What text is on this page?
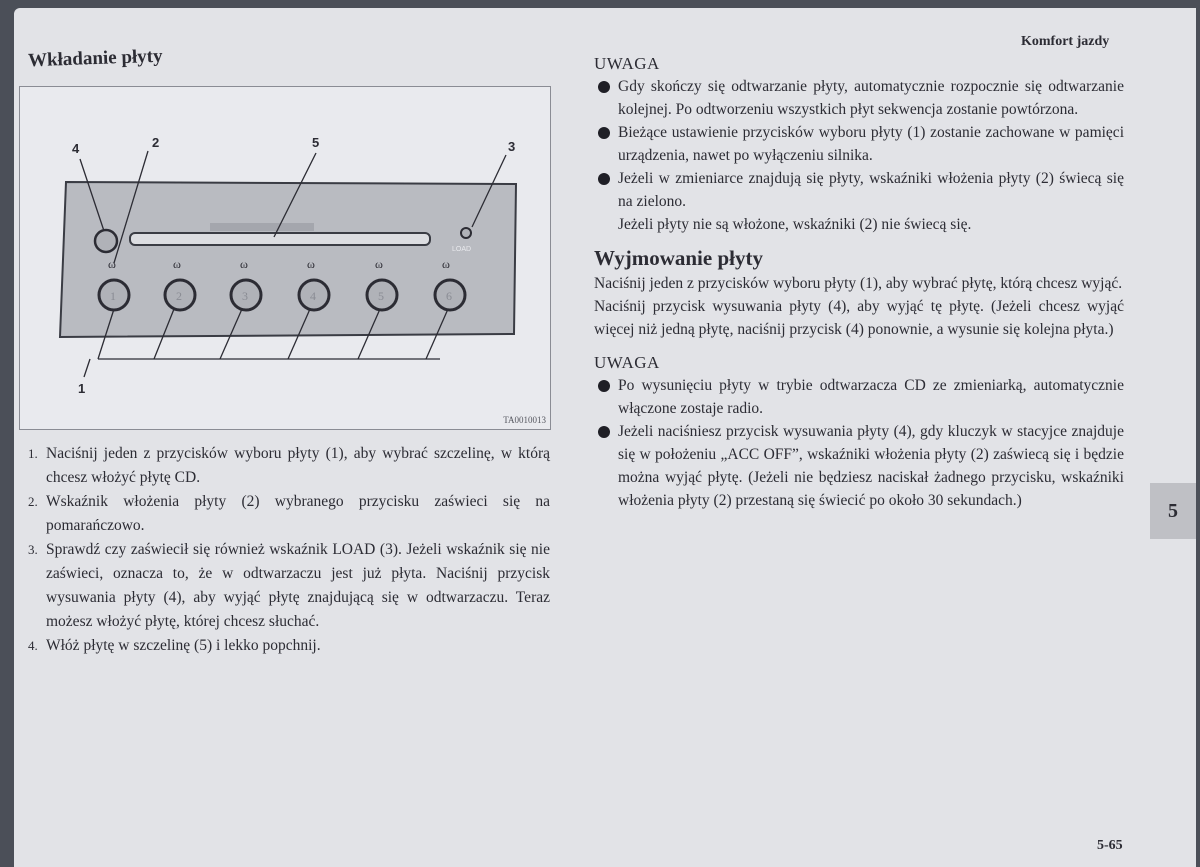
Komfort jazdy
5
5-65
Wkładanie płyty
LOAD
ω	ω	ω	ω	ω	ω
1	2	3	4	5	6
4	2	5	3
1
TA0010013
1. Naciśnij jeden z przycisków wyboru płyty (1), aby wybrać szczelinę, w którą chcesz włożyć płytę CD.
2. Wskaźnik włożenia płyty (2) wybranego przycisku zaświeci się na pomarańczowo.
3. Sprawdź czy zaświecił się również wskaźnik LOAD (3). Jeżeli wskaźnik się nie zaświeci, oznacza to, że w odtwarzaczu jest już płyta. Naciśnij przycisk wysuwania płyty (4), aby wyjąć płytę znajdującą się w odtwarzaczu. Teraz możesz włożyć płytę, której chcesz słuchać.
4. Włóż płytę w szczelinę (5) i lekko popchnij.
UWAGA
Gdy skończy się odtwarzanie płyty, automatycznie rozpocznie się odtwarzanie kolejnej. Po odtworzeniu wszystkich płyt sekwencja zostanie powtórzona.
Bieżące ustawienie przycisków wyboru płyty (1) zostanie zachowane w pamięci urządzenia, nawet po wyłączeniu silnika.
Jeżeli w zmieniarce znajdują się płyty, wskaźniki włożenia płyty (2) świecą się na zielono.
Jeżeli płyty nie są włożone, wskaźniki (2) nie świecą się.
Wyjmowanie płyty
Naciśnij jeden z przycisków wyboru płyty (1), aby wybrać płytę, którą chcesz wyjąć.
Naciśnij przycisk wysuwania płyty (4), aby wyjąć tę płytę. (Jeżeli chcesz wyjąć więcej niż jedną płytę, naciśnij przycisk (4) ponownie, a wysunie się kolejna płyta.)
UWAGA
Po wysunięciu płyty w trybie odtwarzacza CD ze zmieniarką, automatycznie włączone zostaje radio.
Jeżeli naciśniesz przycisk wysuwania płyty (4), gdy kluczyk w stacyjce znajduje się w położeniu „ACC OFF”, wskaźniki włożenia płyty (2) zaświecą się i będzie można wyjąć płytę. (Jeżeli nie będziesz naciskał żadnego przycisku, wskaźniki włożenia płyty (2) przestaną się świecić po około 30 sekundach.)
